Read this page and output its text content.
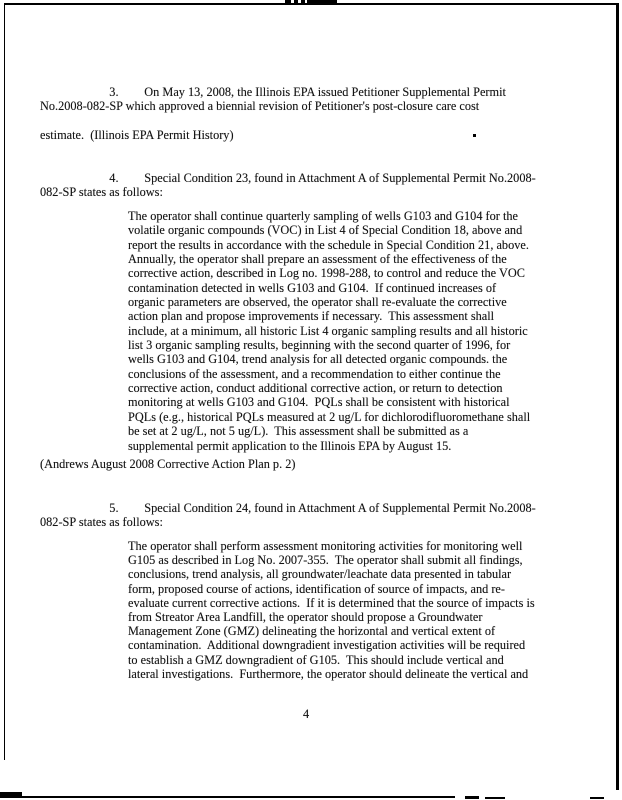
3. On May 13, 2008, the Illinois EPA issued Petitioner Supplemental Permit

No.2008-082-SP which approved a biennial revision of Petitioner's post-closure care cost
estimate.  (Illinois EPA Permit History)

4. Special Condition 23, found in Attachment A of Supplemental Permit No.2008-

082-SP states as follows:
The operator shall continue quarterly sampling of wells G103 and G104 for the
volatile organic compounds (VOC) in List 4 of Special Condition 18, above and
report the results in accordance with the schedule in Special Condition 21, above.
Annually, the operator shall prepare an assessment of the effectiveness of the
corrective action, described in Log no. 1998-288, to control and reduce the VOC
contamination detected in wells G103 and G104.  If continued increases of
organic parameters are observed, the operator shall re-evaluate the corrective
action plan and propose improvements if necessary.  This assessment shall
include, at a minimum, all historic List 4 organic sampling results and all historic
list 3 organic sampling results, beginning with the second quarter of 1996, for
wells G103 and G104, trend analysis for all detected organic compounds. the
conclusions of the assessment, and a recommendation to either continue the
corrective action, conduct additional corrective action, or return to detection
monitoring at wells G103 and G104.  PQLs shall be consistent with historical
PQLs (e.g., historical PQLs measured at 2 ug/L for dichlorodifluoromethane shall
be set at 2 ug/L, not 5 ug/L).  This assessment shall be submitted as a
supplemental permit application to the Illinois EPA by August 15.
(Andrews August 2008 Corrective Action Plan p. 2)

5. Special Condition 24, found in Attachment A of Supplemental Permit No.2008-

082-SP states as follows:
The operator shall perform assessment monitoring activities for monitoring well
G105 as described in Log No. 2007-355.  The operator shall submit all findings,
conclusions, trend analysis, all groundwater/leachate data presented in tabular
form, proposed course of actions, identification of source of impacts, and re-
evaluate current corrective actions.  If it is determined that the source of impacts is
from Streator Area Landfill, the operator should propose a Groundwater
Management Zone (GMZ) delineating the horizontal and vertical extent of
contamination.  Additional downgradient investigation activities will be required
to establish a GMZ downgradient of G105.  This should include vertical and
lateral investigations.  Furthermore, the operator should delineate the vertical and
4
